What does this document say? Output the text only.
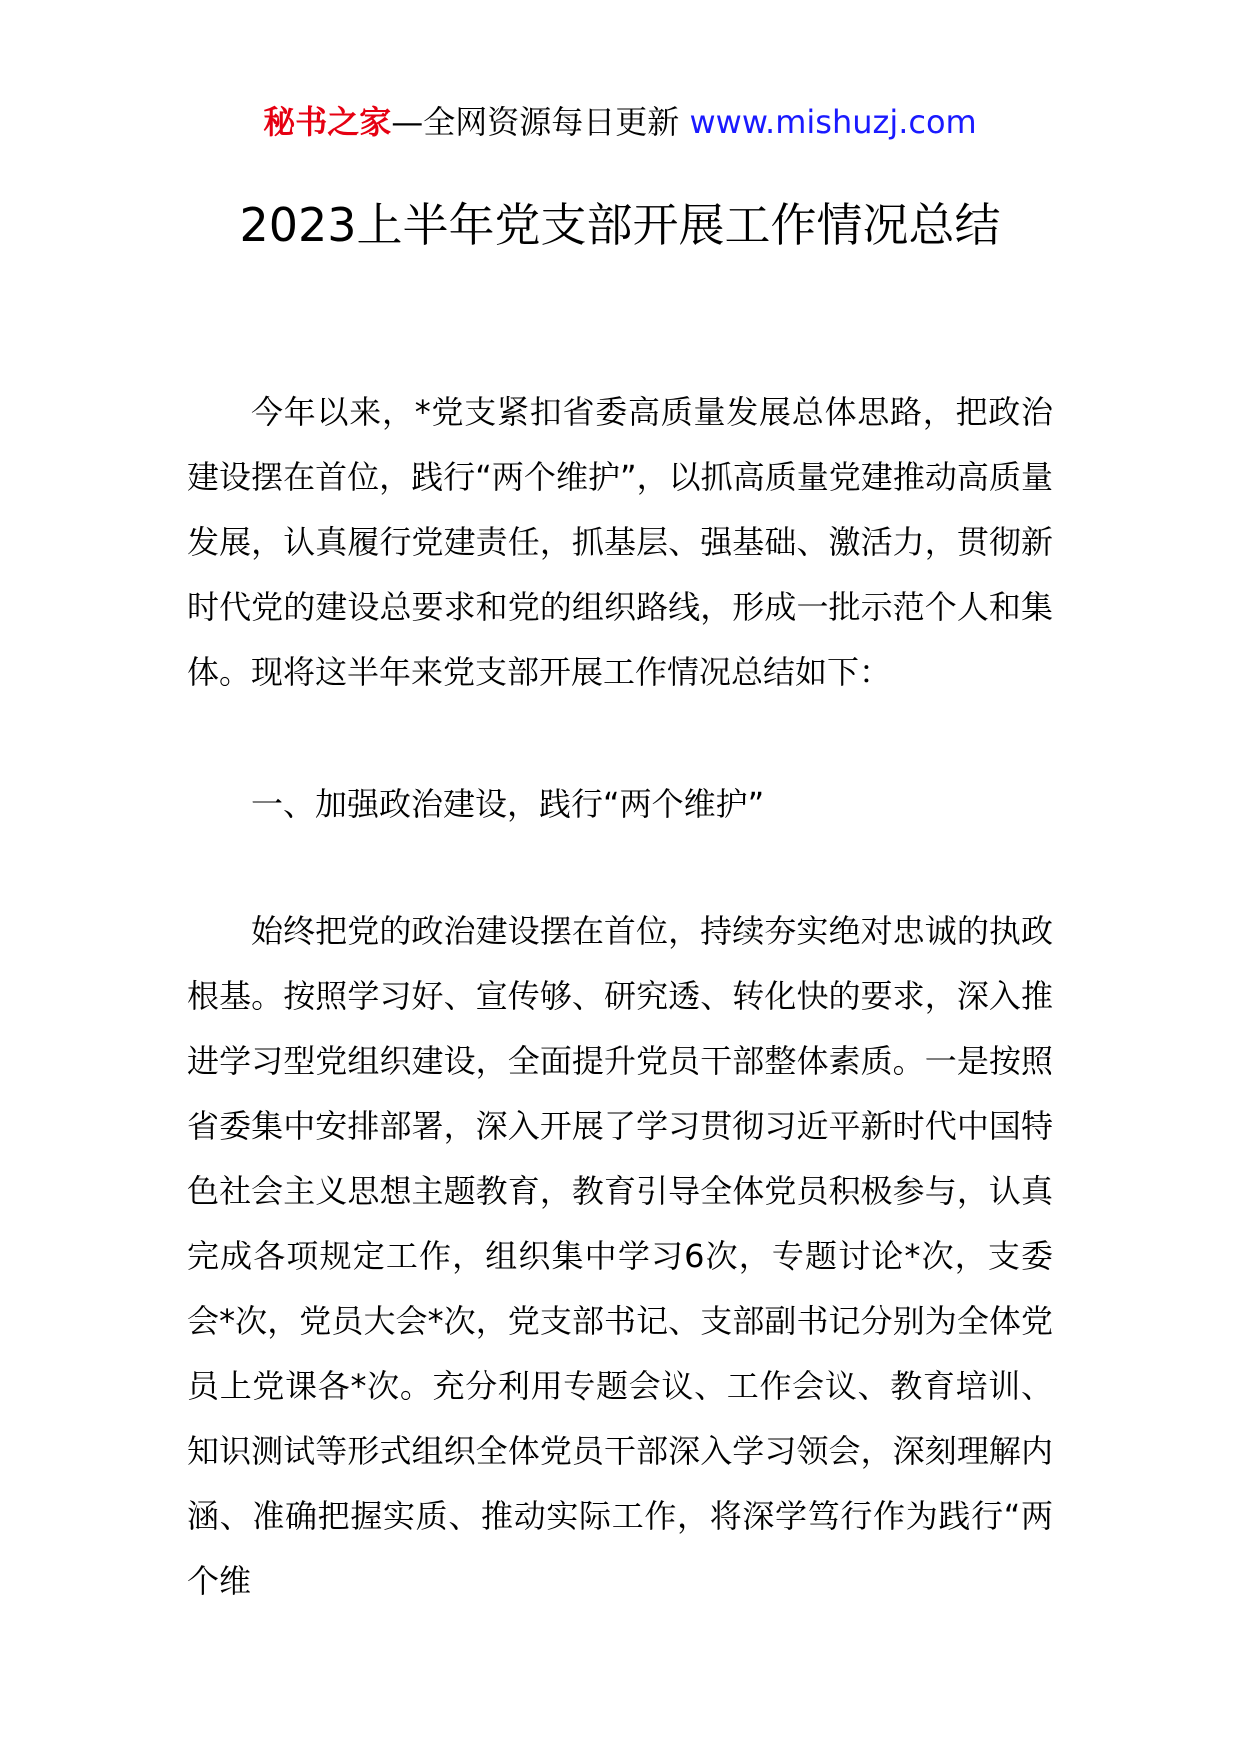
秘书之家—全网资源每日更新 www.mishuzj.com
2023上半年党支部开展工作情况总结

今年以来，*党支紧扣省委高质量发展总体思路，把政治建设摆在首位，践行“两个维护”，以抓高质量党建推动高质量发展，认真履行党建责任，抓基层、强基础、激活力，贯彻新时代党的建设总要求和党的组织路线，形成一批示范个人和集体。现将这半年来党支部开展工作情况总结如下：

一、加强政治建设，践行“两个维护”

始终把党的政治建设摆在首位，持续夯实绝对忠诚的执政根基。按照学习好、宣传够、研究透、转化快的要求，深入推进学习型党组织建设，全面提升党员干部整体素质。一是按照省委集中安排部署，深入开展了学习贯彻习近平新时代中国特色社会主义思想主题教育，教育引导全体党员积极参与，认真完成各项规定工作，组织集中学习6次，专题讨论*次，支委会*次，党员大会*次，党支部书记、支部副书记分别为全体党员上党课各*次。充分利用专题会议、工作会议、教育培训、知识测试等形式组织全体党员干部深入学习领会，深刻理解内涵、准确把握实质、推动实际工作，将深学笃行作为践行“两个维
